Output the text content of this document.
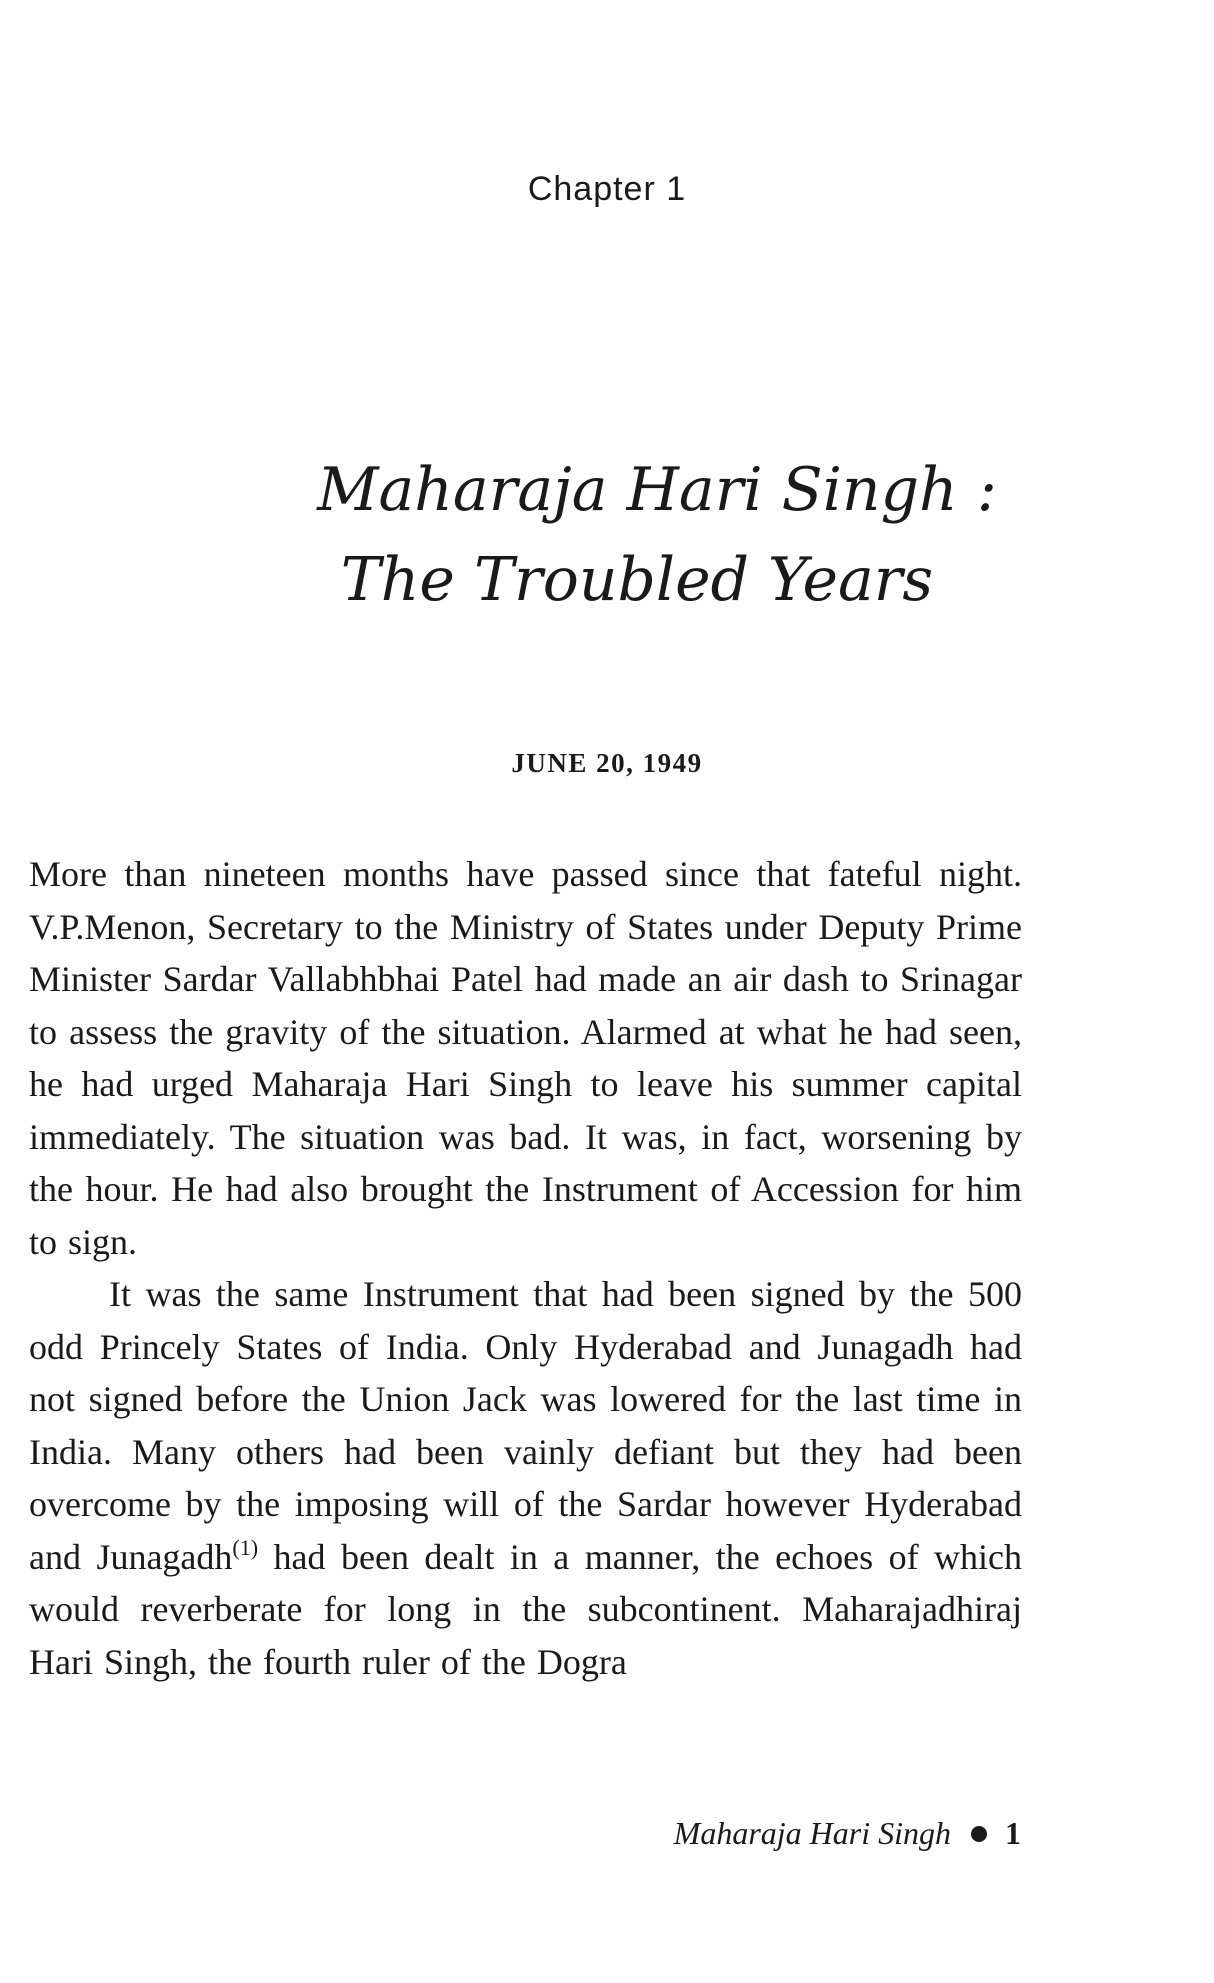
Chapter 1
Maharaja Hari Singh :
The Troubled Years
JUNE 20, 1949

More than nineteen months have passed since that fateful night. V.P.Menon, Secretary to the Ministry of States under Deputy Prime Minister Sardar Vallabhbhai Patel had made an air dash to Srinagar to assess the gravity of the situation. Alarmed at what he had seen, he had urged Maharaja Hari Singh to leave his summer capital immediately. The situation was bad. It was, in fact, worsening by the hour. He had also brought the Instrument of Accession for him to sign.

It was the same Instrument that had been signed by the 500 odd Princely States of India. Only Hyderabad and Junagadh had not signed before the Union Jack was lowered for the last time in India. Many others had been vainly defiant but they had been overcome by the imposing will of the Sardar however Hyderabad and Junagadh$^{(1)}$ had been dealt in a manner, the echoes of which would reverberate for long in the subcontinent. Maharajadhiraj Hari Singh, the fourth ruler of the Dogra

Maharaja Hari Singh 1
